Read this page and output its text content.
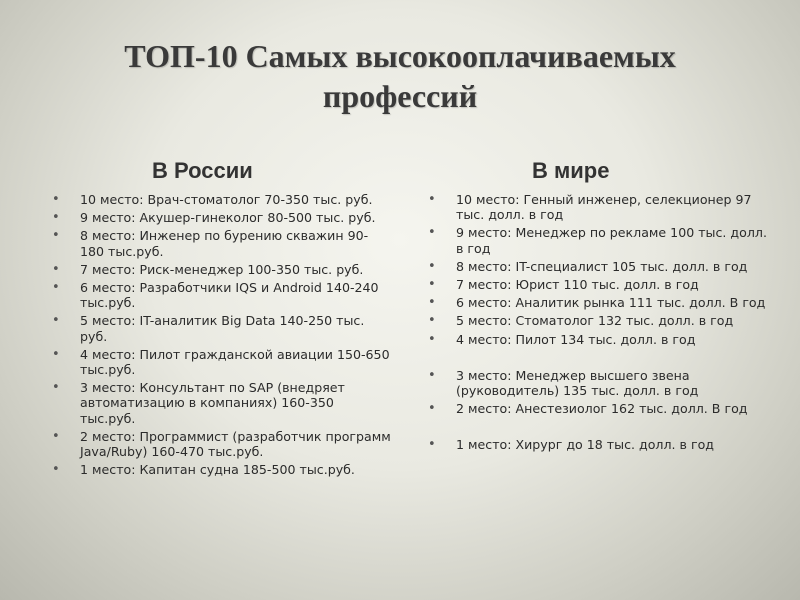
ТОП-10 Самых высокооплачиваемых профессий
В России	В мире
• 10 место: Врач-стоматолог 70-350 тыс. руб.
• 9 место: Акушер-гинеколог 80-500 тыс. руб.
• 8 место: Инженер по бурению скважин 90-180 тыс.руб.
• 7 место: Риск-менеджер 100-350 тыс. руб.
• 6 место: Разработчики IQS и Android 140-240 тыс.руб.
• 5 место: IT-аналитик Big Data 140-250 тыс. руб.
• 4 место: Пилот гражданской авиации 150-650 тыс.руб.
• 3 место: Консультант по SAP (внедряет автоматизацию в компаниях) 160-350 тыс.руб.
• 2 место: Программист (разработчик программ Java/Ruby) 160-470 тыс.руб.
• 1 место: Капитан судна 185-500 тыс.руб.
• 10 место: Генный инженер, селекционер 97 тыс. долл. в год
• 9 место: Менеджер по рекламе 100 тыс. долл. в год
• 8 место: IT-специалист 105 тыс. долл. в год
• 7 место: Юрист 110 тыс. долл. в год
• 6 место: Аналитик рынка 111 тыс. долл. В год
• 5 место: Стоматолог 132 тыс. долл. в год
• 4 место: Пилот 134 тыс. долл. в год
• 3 место: Менеджер высшего звена (руководитель) 135 тыс. долл. в год
• 2 место: Анестезиолог 162 тыс. долл. В год
• 1 место: Хирург до 18 тыс. долл. в год
